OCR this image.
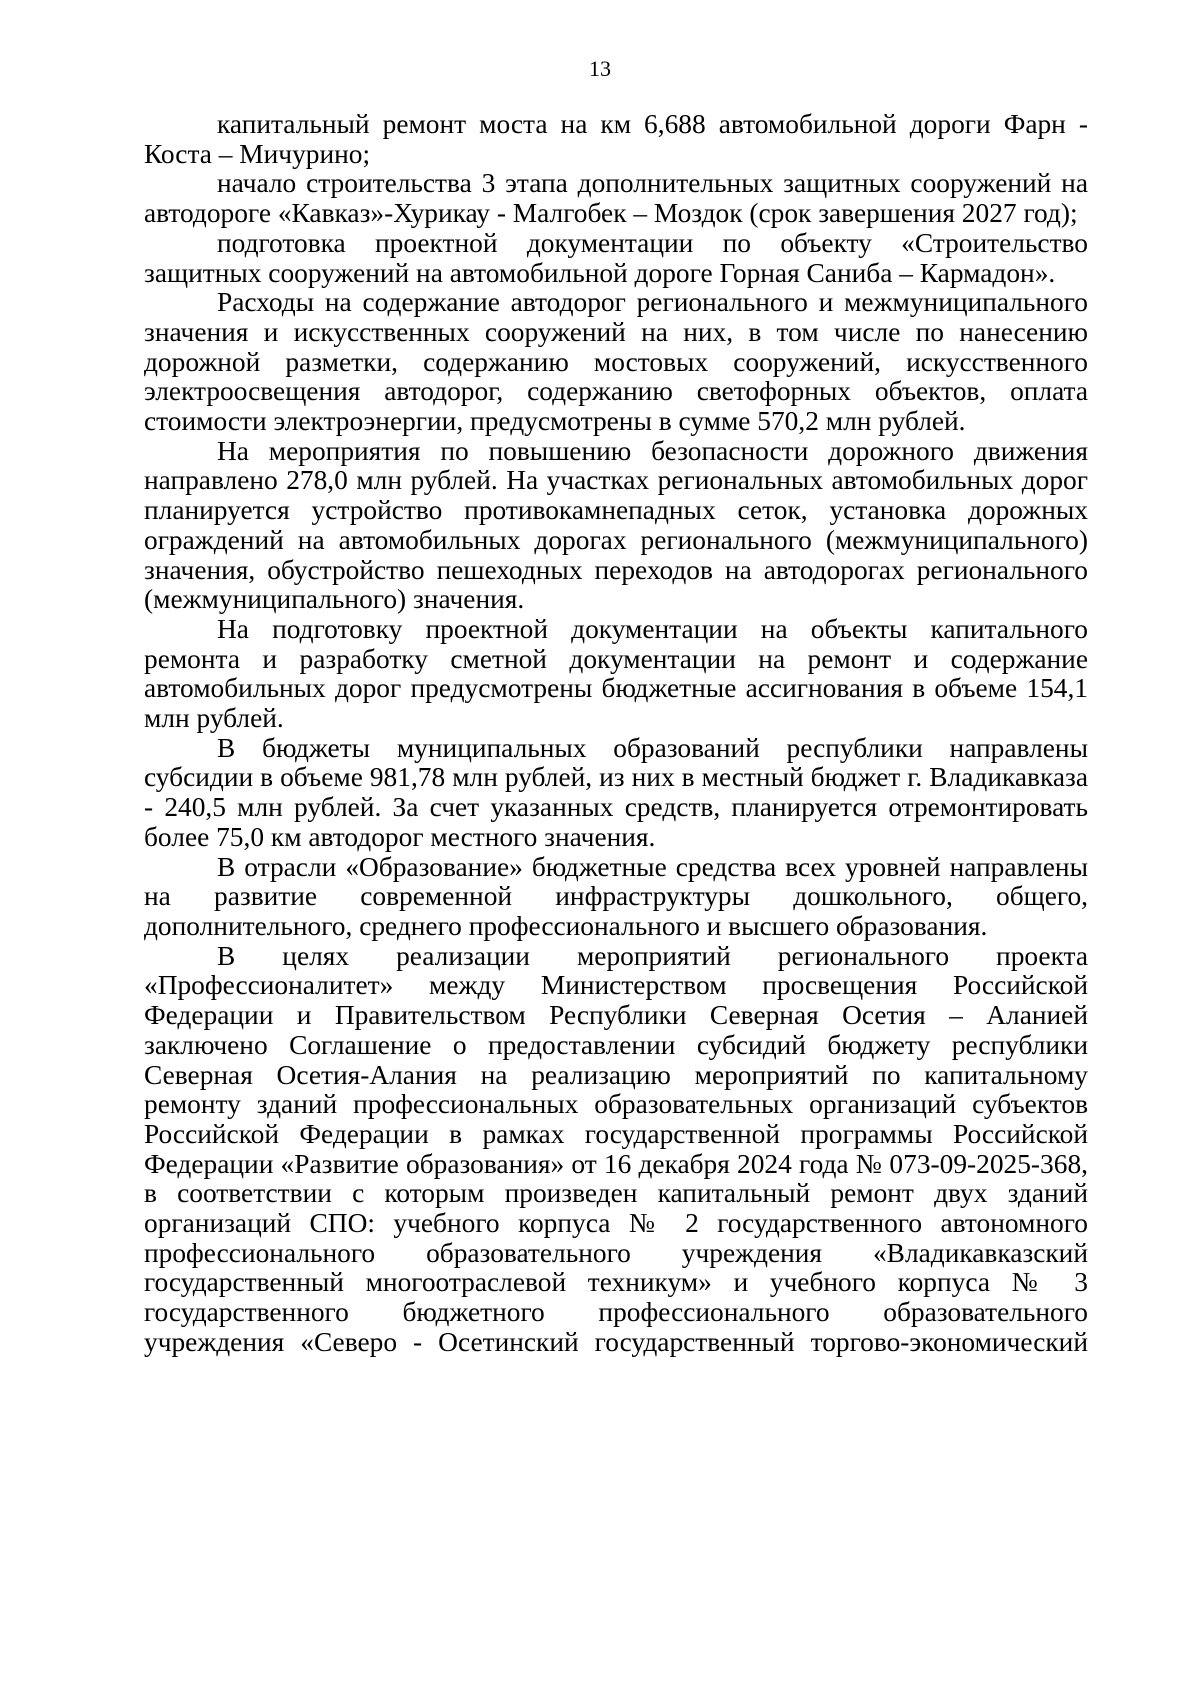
13

капитальный ремонт моста на км 6,688 автомобильной дороги Фарн - Коста – Мичурино;

начало строительства 3 этапа дополнительных защитных сооружений на автодороге «Кавказ»-Хурикау - Малгобек – Моздок (срок завершения 2027 год);

подготовка проектной документации по объекту «Строительство защитных сооружений на автомобильной дороге Горная Саниба – Кармадон».

Расходы на содержание автодорог регионального и межмуниципального значения и искусственных сооружений на них, в том числе по нанесению дорожной разметки, содержанию мостовых сооружений, искусственного электроосвещения автодорог, содержанию светофорных объектов, оплата стоимости электроэнергии, предусмотрены в сумме 570,2 млн рублей.

На мероприятия по повышению безопасности дорожного движения направлено 278,0 млн рублей. На участках региональных автомобильных дорог планируется устройство противокамнепадных сеток, установка дорожных ограждений на автомобильных дорогах регионального (межмуниципального) значения, обустройство пешеходных переходов на автодорогах регионального (межмуниципального) значения.

На подготовку проектной документации на объекты капитального ремонта и разработку сметной документации на ремонт и содержание автомобильных дорог предусмотрены бюджетные ассигнования в объеме 154,1 млн рублей.

В бюджеты муниципальных образований республики направлены субсидии в объеме 981,78 млн рублей, из них в местный бюджет г. Владикавказа - 240,5 млн рублей. За счет указанных средств, планируется отремонтировать более 75,0 км автодорог местного значения.

В отрасли «Образование» бюджетные средства всех уровней направлены на развитие современной инфраструктуры дошкольного, общего, дополнительного, среднего профессионального и высшего образования.

В целях реализации мероприятий регионального проекта «Профессионалитет» между Министерством просвещения Российской Федерации и Правительством Республики Северная Осетия – Аланией заключено Соглашение о предоставлении субсидий бюджету республики Северная Осетия-Алания на реализацию мероприятий по капитальному ремонту зданий профессиональных образовательных организаций субъектов Российской Федерации в рамках государственной программы Российской Федерации «Развитие образования» от 16 декабря 2024 года № 073-09-2025-368, в соответствии с которым произведен капитальный ремонт двух зданий организаций СПО: учебного корпуса № 2 государственного автономного профессионального образовательного учреждения «Владикавказский государственный многоотраслевой техникум» и учебного корпуса № 3 государственного бюджетного профессионального образовательного учреждения «Северо - Осетинский государственный торгово-экономический
